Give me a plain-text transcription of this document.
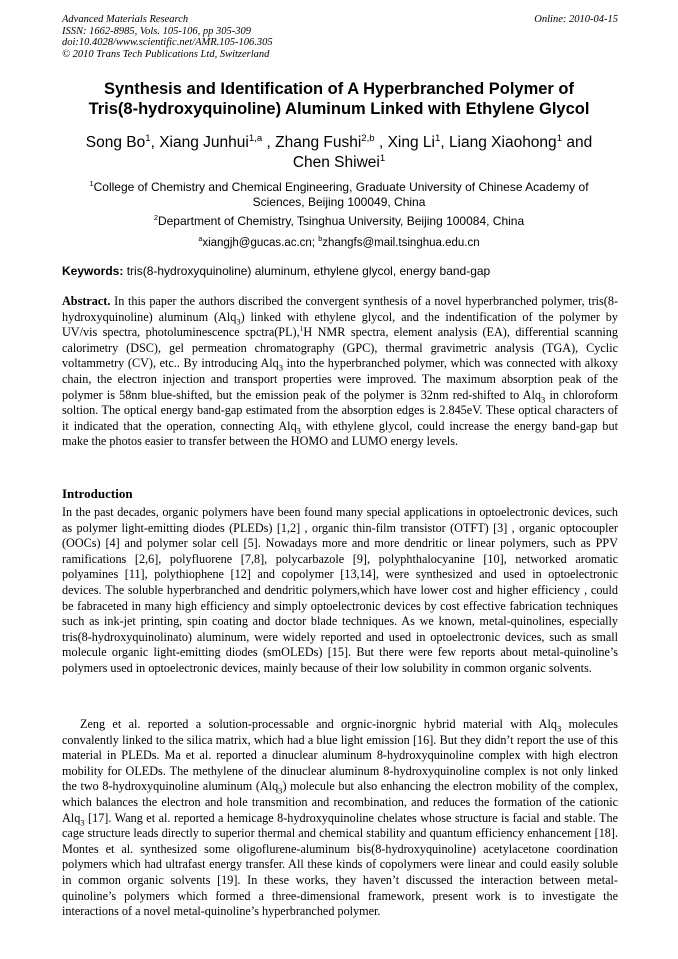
Advanced Materials Research
ISSN: 1662-8985, Vols. 105-106, pp 305-309
doi:10.4028/www.scientific.net/AMR.105-106.305
© 2010 Trans Tech Publications Ltd, Switzerland
Online: 2010-04-15
Synthesis and Identification of A Hyperbranched Polymer of
Tris(8-hydroxyquinoline) Aluminum Linked with Ethylene Glycol
Song Bo$^1$, Xiang Junhui$^{1,a}$ , Zhang Fushi$^{2,b}$ , Xing Li$^1$, Liang Xiaohong$^1$ and
Chen Shiwei$^1$
$^1$College of Chemistry and Chemical Engineering, Graduate University of Chinese Academy of Sciences, Beijing 100049, China
$^2$Department of Chemistry, Tsinghua University, Beijing 100084, China
$^a$xiangjh@gucas.ac.cn; $^b$zhangfs@mail.tsinghua.edu.cn
Keywords: tris(8-hydroxyquinoline) aluminum, ethylene glycol, energy band-gap

Abstract. In this paper the authors discribed the convergent synthesis of a novel hyperbranched polymer, tris(8-hydroxyquinoline) aluminum (Alq$_3$) linked with ethylene glycol, and the indentification of the polymer by UV/vis spectra, photoluminescence spctra(PL),$^1$H NMR spectra, element analysis (EA), differential scanning calorimetry (DSC), gel permeation chromatography (GPC), thermal gravimetric analysis (TGA), Cyclic voltammetry (CV), etc.. By introducing Alq$_3$ into the hyperbranched polymer, which was connected with alkoxy chain, the electron injection and transport properties were improved. The maximum absorption peak of the polymer is 58nm blue-shifted, but the emission peak of the polymer is 32nm red-shifted to Alq$_3$ in chloroform soltion. The optical energy band-gap estimated from the absorption edges is 2.845eV. These optical characters of it indicated that the operation, connecting Alq$_3$ with ethylene glycol, could increase the energy band-gap but make the photos easier to transfer between the HOMO and LUMO energy levels.

Introduction

In the past decades, organic polymers have been found many special applications in optoelectronic devices, such as polymer light-emitting diodes (PLEDs) [1,2] , organic thin-film transistor (OTFT) [3] , organic optocoupler (OOCs) [4] and polymer solar cell [5]. Nowadays more and more dendritic or linear polymers, such as PPV ramifications [2,6], polyfluorene [7,8], polycarbazole [9], polyphthalocyanine [10], networked aromatic polyamines [11], polythiophene [12] and copolymer [13,14], were synthesized and used in optoelectronic devices. The soluble hyperbranched and dendritic polymers,which have lower cost and higher efficiency , could be fabraceted in many high efficiency and simply optoelectronic devices by cost effective fabrication techniques such as ink-jet printing, spin coating and doctor blade techniques. As we known, metal-quinolines, especially tris(8-hydroxyquinolinato) aluminum, were widely reported and used in optoelectronic devices, such as small molecule organic light-emitting diodes (smOLEDs) [15]. But there were few reports about metal-quinoline’s polymers used in optoelectronic devices, mainly because of their low solubility in common organic solvents.

Zeng et al. reported a solution-processable and orgnic-inorgnic hybrid material with Alq$_3$ molecules convalently linked to the silica matrix, which had a blue light emission [16]. But they didn’t report the use of this material in PLEDs. Ma et al. reported a dinuclear aluminum 8-hydroxyquinoline complex with high electron mobility for OLEDs. The methylene of the dinuclear aluminum 8-hydroxyquinoline complex is not only linked the two 8-hydroxyquinoline aluminum (Alq$_3$) molecule but also enhancing the electron mobility of the complex, which balances the electron and hole transmition and recombination, and reduces the formation of the cationic Alq$_3$ [17]. Wang et al. reported a hemicage 8-hydroxyquinoline chelates whose structure is facial and stable. The cage structure leads directly to superior thermal and chemical stability and quantum efficiency enhancement [18]. Montes et al. synthesized some oligoflurene-aluminum bis(8-hydroxyquinoline) acetylacetone coordination polymers which had ultrafast energy transfer. All these kinds of copolymers were linear and could easily soluble in common organic solvents [19]. In these works, they haven’t discussed the interaction between metal-quinoline’s polymers which formed a three-dimensional framework, present work is to investigate the interactions of a novel metal-quinoline’s hyperbranched polymer.
